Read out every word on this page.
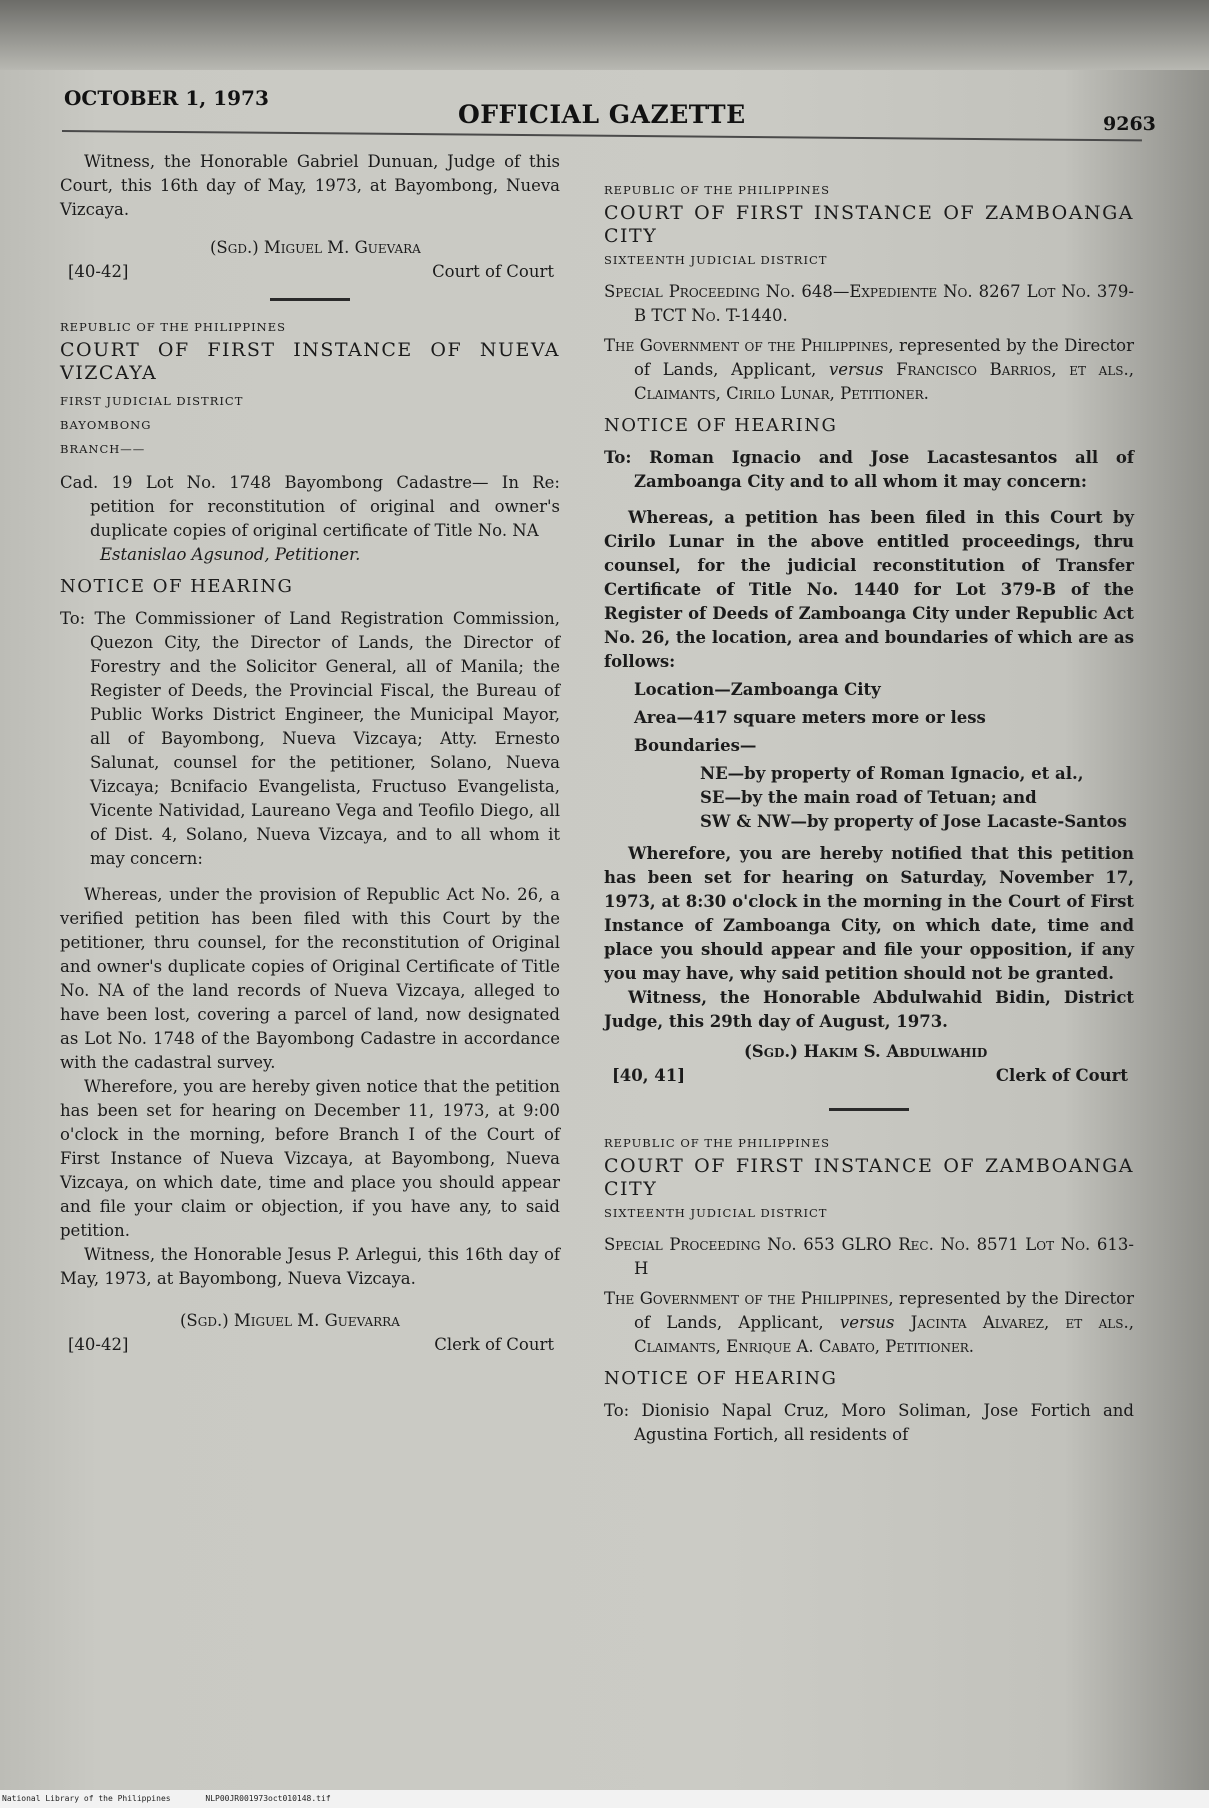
OCTOBER 1, 1973
OFFICIAL GAZETTE	9263

Witness, the Honorable Gabriel Dunuan, Judge of this Court, this 16th day of May, 1973, at Bayombong, Nueva Vizcaya.

(Sgd.) Miguel M. Guevara

[40-42]	Court of Court

REPUBLIC OF THE PHILIPPINES

COURT OF FIRST INSTANCE OF NUEVA VIZCAYA

FIRST JUDICIAL DISTRICT

BAYOMBONG

BRANCH——

Cad. 19 Lot No. 1748 Bayombong Cadastre— In Re: petition for reconstitution of original and owner's duplicate copies of original certificate of Title No. NA

Estanislao Agsunod, Petitioner.

NOTICE OF HEARING

To: The Commissioner of Land Registration Commission, Quezon City, the Director of Lands, the Director of Forestry and the Solicitor General, all of Manila; the Register of Deeds, the Provincial Fiscal, the Bureau of Public Works District Engineer, the Municipal Mayor, all of Bayombong, Nueva Vizcaya; Atty. Ernesto Salunat, counsel for the petitioner, Solano, Nueva Vizcaya; Bcnifacio Evangelista, Fructuso Evangelista, Vicente Natividad, Laureano Vega and Teofilo Diego, all of Dist. 4, Solano, Nueva Vizcaya, and to all whom it may concern:

Whereas, under the provision of Republic Act No. 26, a verified petition has been filed with this Court by the petitioner, thru counsel, for the reconstitution of Original and owner's duplicate copies of Original Certificate of Title No. NA of the land records of Nueva Vizcaya, alleged to have been lost, covering a parcel of land, now designated as Lot No. 1748 of the Bayombong Cadastre in accordance with the cadastral survey.

Wherefore, you are hereby given notice that the petition has been set for hearing on December 11, 1973, at 9:00 o'clock in the morning, before Branch I of the Court of First Instance of Nueva Vizcaya, at Bayombong, Nueva Vizcaya, on which date, time and place you should appear and file your claim or objection, if you have any, to said petition.

Witness, the Honorable Jesus P. Arlegui, this 16th day of May, 1973, at Bayombong, Nueva Vizcaya.

(Sgd.) Miguel M. Guevarra

[40-42]	Clerk of Court

REPUBLIC OF THE PHILIPPINES

COURT OF FIRST INSTANCE OF ZAMBOANGA CITY

SIXTEENTH JUDICIAL DISTRICT

Special Proceeding No. 648—Expediente No. 8267 Lot No. 379-B TCT No. T-1440.

The Government of the Philippines, represented by the Director of Lands, Applicant, versus Francisco Barrios, et als., Claimants, Cirilo Lunar, Petitioner.

NOTICE OF HEARING

To: Roman Ignacio and Jose Lacastesantos all of Zamboanga City and to all whom it may concern:

Whereas, a petition has been filed in this Court by Cirilo Lunar in the above entitled proceedings, thru counsel, for the judicial reconstitution of Transfer Certificate of Title No. 1440 for Lot 379-B of the Register of Deeds of Zamboanga City under Republic Act No. 26, the location, area and boundaries of which are as follows:

Location—Zamboanga City

Area—417 square meters more or less

Boundaries—

NE—by property of Roman Ignacio, et al.,

SE—by the main road of Tetuan; and

SW & NW—by property of Jose Lacaste-Santos

Wherefore, you are hereby notified that this petition has been set for hearing on Saturday, November 17, 1973, at 8:30 o'clock in the morning in the Court of First Instance of Zamboanga City, on which date, time and place you should appear and file your opposition, if any you may have, why said petition should not be granted.

Witness, the Honorable Abdulwahid Bidin, District Judge, this 29th day of August, 1973.

(Sgd.) Hakim S. Abdulwahid

[40, 41]	Clerk of Court

REPUBLIC OF THE PHILIPPINES

COURT OF FIRST INSTANCE OF ZAMBOANGA CITY

SIXTEENTH JUDICIAL DISTRICT

Special Proceeding No. 653 GLRO Rec. No. 8571 Lot No. 613-H

The Government of the Philippines, represented by the Director of Lands, Applicant, versus Jacinta Alvarez, et als., Claimants, Enrique A. Cabato, Petitioner.

NOTICE OF HEARING

To: Dionisio Napal Cruz, Moro Soliman, Jose Fortich and Agustina Fortich, all residents of

National Library of the Philippines	NLP00JR001973oct010148.tif
